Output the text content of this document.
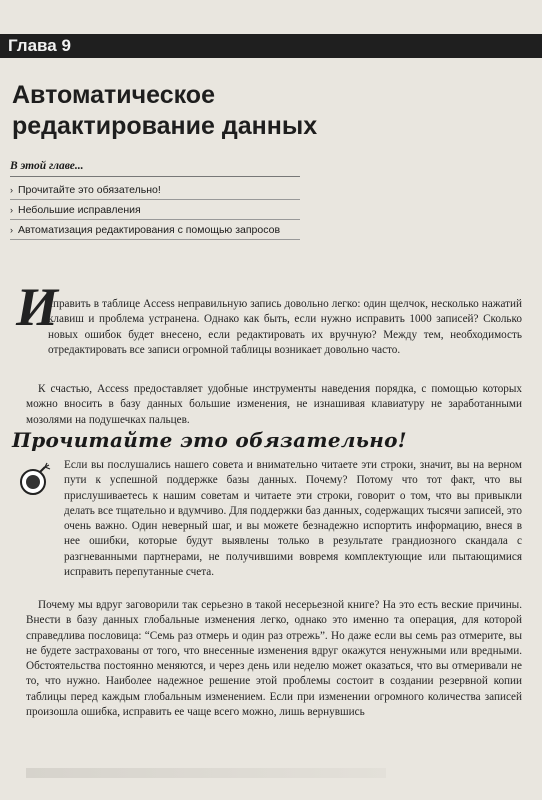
Глава 9
Автоматическое редактирование данных
В этой главе...
› Прочитайте это обязательно!
› Небольшие исправления
› Автоматизация редактирования с помощью запросов
И
справить в таблице Access неправильную запись довольно легко: один щелчок, несколько нажатий клавиш и проблема устранена. Однако как быть, если нужно исправить 1000 записей? Сколько новых ошибок будет внесено, если редактировать их вручную? Между тем, необходимость отредактировать все записи огромной таблицы возникает довольно часто.
К счастью, Access предоставляет удобные инструменты наведения порядка, с помощью которых можно вносить в базу данных большие изменения, не изнашивая клавиатуру не заработанными мозолями на подушечках пальцев.
Прочитайте это обязательно!
Если вы послушались нашего совета и внимательно читаете эти строки, значит, вы на верном пути к успешной поддержке базы данных. Почему? Потому что тот факт, что вы прислушиваетесь к нашим советам и читаете эти строки, говорит о том, что вы привыкли делать все тщательно и вдумчиво. Для поддержки баз данных, содержащих тысячи записей, это очень важно. Один неверный шаг, и вы можете безнадежно испортить информацию, внеся в нее ошибки, которые будут выявлены только в результате грандиозного скандала с разгневанными партнерами, не получившими вовремя комплектующие или пытающимися исправить перепутанные счета.
Почему мы вдруг заговорили так серьезно в такой несерьезной книге? На это есть веские причины. Внести в базу данных глобальные изменения легко, однако это именно та операция, для которой справедлива пословица: “Семь раз отмерь и один раз отрежь”. Но даже если вы семь раз отмерите, вы не будете застрахованы от того, что внесенные изменения вдруг окажутся ненужными или вредными. Обстоятельства постоянно меняются, и через день или неделю может оказаться, что вы отмеривали не то, что нужно. Наиболее надежное решение этой проблемы состоит в создании резервной копии таблицы перед каждым глобальным изменением. Если при изменении огромного количества записей произошла ошибка, исправить ее чаще всего можно, лишь вернувшись
